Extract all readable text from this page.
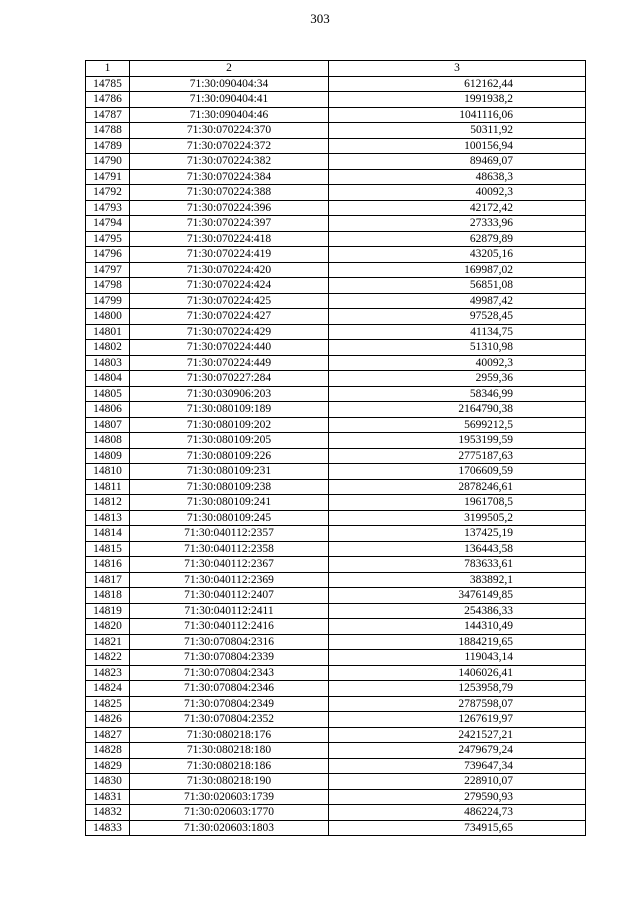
303
1	2	3
14785	71:30:090404:34	612162,44
14786	71:30:090404:41	1991938,2
14787	71:30:090404:46	1041116,06
14788	71:30:070224:370	50311,92
14789	71:30:070224:372	100156,94
14790	71:30:070224:382	89469,07
14791	71:30:070224:384	48638,3
14792	71:30:070224:388	40092,3
14793	71:30:070224:396	42172,42
14794	71:30:070224:397	27333,96
14795	71:30:070224:418	62879,89
14796	71:30:070224:419	43205,16
14797	71:30:070224:420	169987,02
14798	71:30:070224:424	56851,08
14799	71:30:070224:425	49987,42
14800	71:30:070224:427	97528,45
14801	71:30:070224:429	41134,75
14802	71:30:070224:440	51310,98
14803	71:30:070224:449	40092,3
14804	71:30:070227:284	2959,36
14805	71:30:030906:203	58346,99
14806	71:30:080109:189	2164790,38
14807	71:30:080109:202	5699212,5
14808	71:30:080109:205	1953199,59
14809	71:30:080109:226	2775187,63
14810	71:30:080109:231	1706609,59
14811	71:30:080109:238	2878246,61
14812	71:30:080109:241	1961708,5
14813	71:30:080109:245	3199505,2
14814	71:30:040112:2357	137425,19
14815	71:30:040112:2358	136443,58
14816	71:30:040112:2367	783633,61
14817	71:30:040112:2369	383892,1
14818	71:30:040112:2407	3476149,85
14819	71:30:040112:2411	254386,33
14820	71:30:040112:2416	144310,49
14821	71:30:070804:2316	1884219,65
14822	71:30:070804:2339	119043,14
14823	71:30:070804:2343	1406026,41
14824	71:30:070804:2346	1253958,79
14825	71:30:070804:2349	2787598,07
14826	71:30:070804:2352	1267619,97
14827	71:30:080218:176	2421527,21
14828	71:30:080218:180	2479679,24
14829	71:30:080218:186	739647,34
14830	71:30:080218:190	228910,07
14831	71:30:020603:1739	279590,93
14832	71:30:020603:1770	486224,73
14833	71:30:020603:1803	734915,65
